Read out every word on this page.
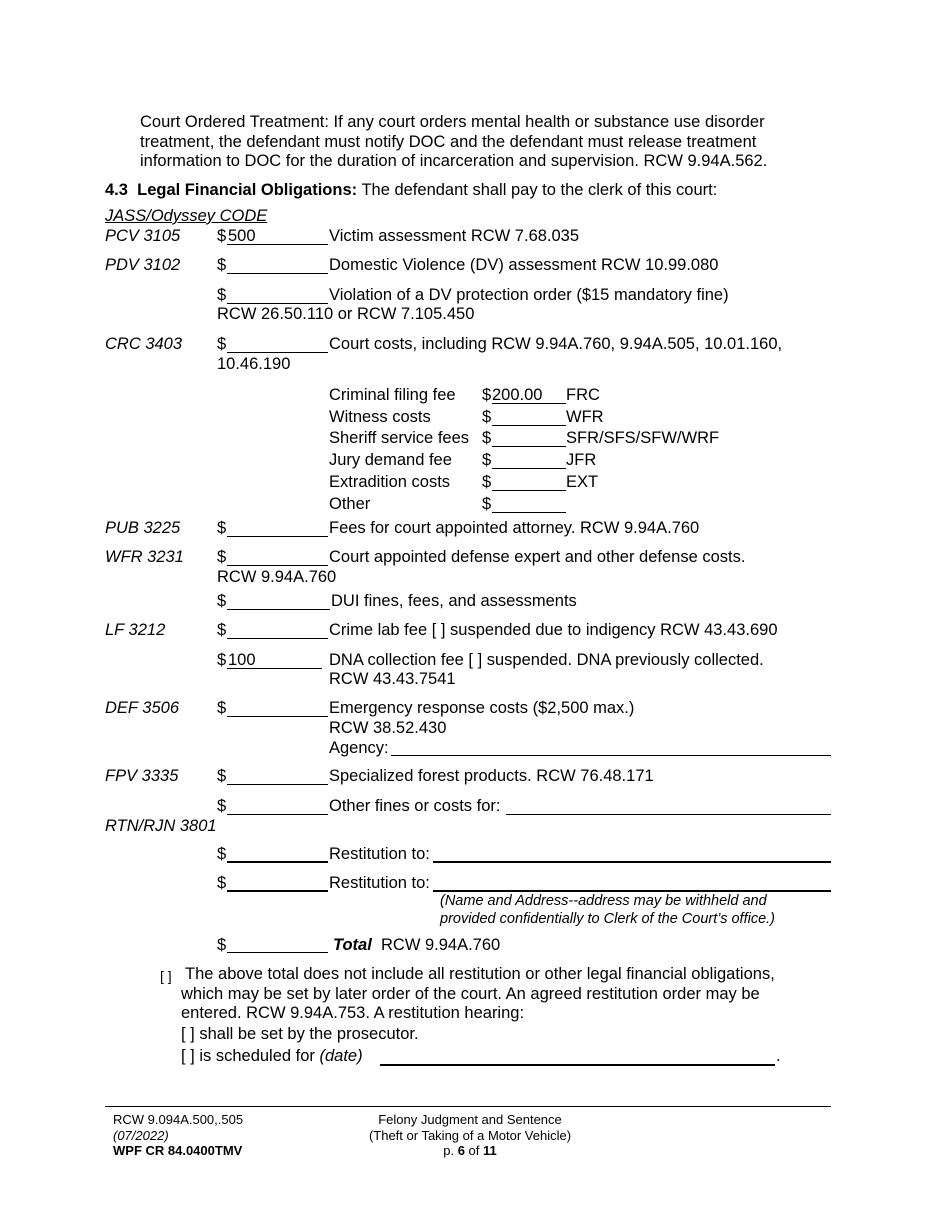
Court Ordered Treatment: If any court orders mental health or substance use disorder
treatment, the defendant must notify DOC and the defendant must release treatment
information to DOC for the duration of incarceration and supervision. RCW 9.94A.562.
4.3 Legal Financial Obligations: The defendant shall pay to the clerk of this court:
JASS/Odyssey CODE
PCV 3105 $ 500	Victim assessment RCW 7.68.035
PDV 3102 $	Domestic Violence (DV) assessment RCW 10.99.080
$	Violation of a DV protection order ($15 mandatory fine)
RCW 26.50.110 or RCW 7.105.450
CRC 3403 $	Court costs, including RCW 9.94A.760, 9.94A.505, 10.01.160,
10.46.190
Criminal filing fee $ 200.00 FRC
Witness costs	$	WFR
Sheriff service fees $	SFR/SFS/SFW/WRF
Jury demand fee $	JFR
Extradition costs $	EXT
Other	$
PUB 3225 $	Fees for court appointed attorney. RCW 9.94A.760
WFR 3231 $	Court appointed defense expert and other defense costs.
RCW 9.94A.760
$	DUI fines, fees, and assessments
LF 3212	$	Crime lab fee [ ] suspended due to indigency RCW 43.43.690
$ 100	DNA collection fee [ ] suspended. DNA previously collected.
RCW 43.43.7541
DEF 3506 $	Emergency response costs ($2,500 max.)
RCW 38.52.430
Agency:
FPV 3335 $	Specialized forest products. RCW 76.48.171
$	Other fines or costs for:
RTN/RJN 3801
$	Restitution to:
$	Restitution to:
(Name and Address--address may be withheld and
provided confidentially to Clerk of the Court’s office.)
$	Total RCW 9.94A.760
[ ] The above total does not include all restitution or other legal financial obligations,
which may be set by later order of the court. An agreed restitution order may be
entered. RCW 9.94A.753. A restitution hearing:
[ ] shall be set by the prosecutor.
[ ] is scheduled for (date)	.
RCW 9.094A.500,.505
(07/2022)
WPF CR 84.0400TMV
Felony Judgment and Sentence
(Theft or Taking of a Motor Vehicle)
p. 6 of 11
